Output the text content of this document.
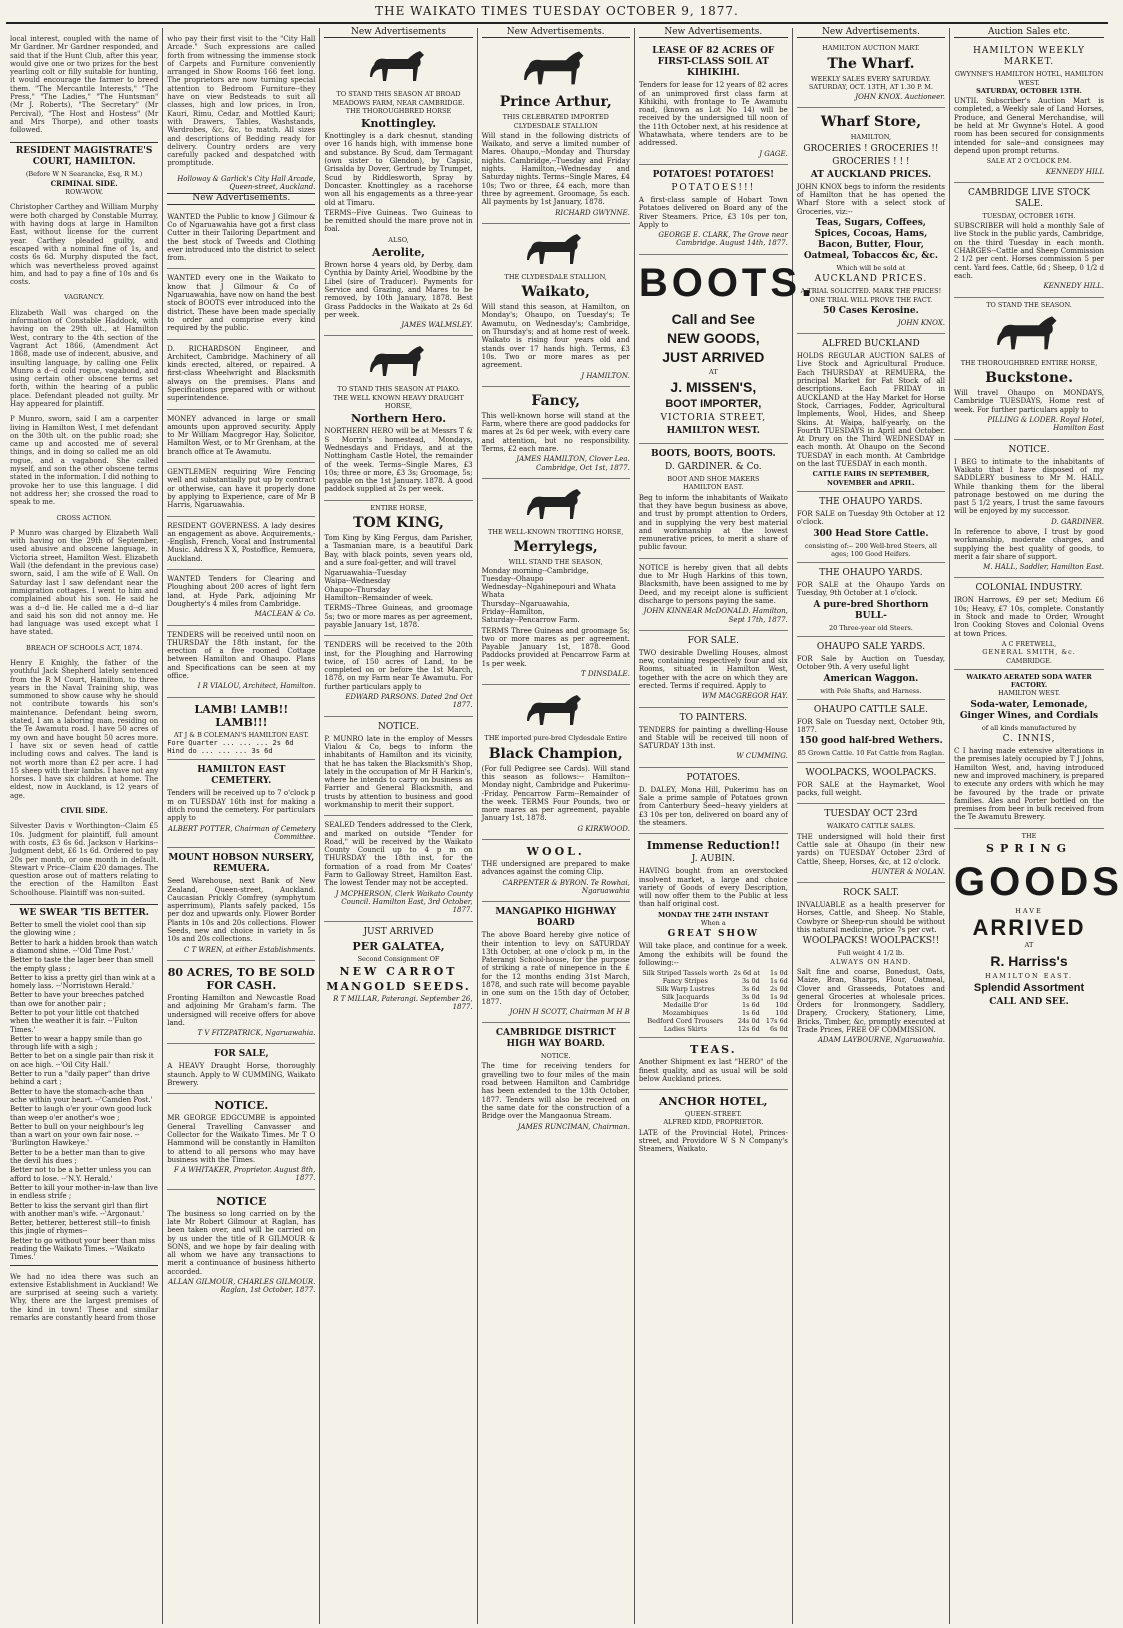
THE WAIKATO TIMES TUESDAY OCTOBER 9, 1877.

local interest, coupled with the name of Mr Gardner. Mr Gardner responded, and said that if the Hunt Club, after this year, would give one or two prizes for the best yearling colt or filly suitable for hunting, it would encourage the farmer to breed them. "The Mercantile Interests," "The Press," "The Ladies," "The Huntsman" (Mr J. Roberts), "The Secretary" (Mr Percival), "The Host and Hostess" (Mr and Mrs Thorpe), and other toasts followed.

RESIDENT MAGISTRATE'S COURT, HAMILTON.
(Before W N Searancke, Esq, R M.)
CRIMINAL SIDE.
ROW-WOW.

Christopher Carthey and William Murphy were both charged by Constable Murray, with having dogs at large in Hamilton East, without license for the current year. Carthey pleaded guilty, and escaped with a nominal fine of 1s, and costs 6s 6d. Murphy disputed the fact, which was nevertheless proved against him, and had to pay a fine of 10s and 6s costs.

VAGRANCY.

Elizabeth Wall was charged on the information of Constable Haddock, with having on the 29th ult., at Hamilton West, contrary to the 4th section of the Vagrant Act 1866, (Amendment Act 1868, made use of indecent, abusive, and insulting language, by calling one Felix Munro a d--d cold rogue, vagabond, and using certain other obscene terms set forth, within the hearing of a public place. Defendant pleaded not guilty. Mr Hay appeared for plaintiff.

P Munro, sworn, said I am a carpenter living in Hamilton West, I met defendant on the 30th ult. on the public road; she came up and accosted me of several things, and in doing so called me an old rogue, and a vagabond. She called myself, and son the other obscene terms stated in the information. I did nothing to provoke her to use this language. I did not address her; she crossed the road to speak to me.

CROSS ACTION.

P Munro was charged by Elizabeth Wall with having on the 29th of September, used abusive and obscene language, in Victoria street, Hamilton West. Elizabeth Wall (the defendant in the previous case) sworn, said, I am the wife of E Wall. On Saturday last I saw defendant near the immigration cottages. I went to him and complained about his son. He said he was a d--d lie. He called me a d--d liar and said his son did not annoy me. He had language was used except what I have stated.

BREACH OF SCHOOLS ACT, 1874.

Henry E Knighly, the father of the youthful Jack Shepherd lately sentenced from the R M Court, Hamilton, to three years in the Naval Training ship, was summoned to show cause why he should not contribute towards his son's maintenance. Defendant being sworn, stated, I am a laboring man, residing on the Te Awamutu road. I have 50 acres of my own and have bought 50 acres more. I have six or seven head of cattle including cows and calves. The land is not worth more than £2 per acre. I had 15 sheep with their lambs. I have not any horses. I have six children at home. The eldest, now in Auckland, is 12 years of age.

CIVIL SIDE.

Silvester Davis v Worthington--Claim £5 10s. Judgment for plaintiff, full amount with costs, £3 6s 6d. Jackson v Harkins--Judgment debt, £6 1s 6d. Ordered to pay 20s per month, or one month in default. Stewart v Price--Claim £20 damages. The question arose out of matters relating to the erection of the Hamilton East Schoolhouse. Plaintiff was non-suited.

WE SWEAR 'TIS BETTER.

Better to smell the violet cool than sip the glowing wine ;

Better to hark a hidden brook than watch a diamond shine. --'Old Time Post.'

Better to taste the lager beer than smell the empty glass ;

Better to kiss a pretty girl than wink at a homely lass. --'Norristown Herald.'

Better to have your breeches patched than owe for another pair ;

Better to pot your little cot thatched when the weather it is fair. --'Fulton Times.'

Better to wear a happy smile than go through life with a sigh ;

Better to bet on a single pair than risk it on ace high. --'Oil City Hall.'

Better to run a "daily paper" than drive behind a cart ;

Better to have the stomach-ache than ache within your heart. --'Camden Post.'

Better to laugh o'er your own good luck than weep o'er another's woe ;

Better to bull on your neighbour's leg than a wart on your own fair nose. --'Burlington Hawkeye.'

Better to be a better man than to give the devil his dues ;

Better not to be a better unless you can afford to lose. --'N.Y. Herald.'

Better to kill your mother-in-law than live in endless strife ;

Better to kiss the servant girl than flirt with another man's wife. --'Argonaut.'

Better, betterer, betterest still--to finish this jingle of rhymes--

Better to go without your beer than miss reading the Waikato Times. --'Waikato Times.'

We had no idea there was such an extensive Establishment in Auckland! We are surprised at seeing such a variety. Why, there are the largest premises of the kind in town! These and similar remarks are constantly heard from those

who pay their first visit to the "City Hall Arcade." Such expressions are called forth from witnessing the immense stock of Carpets and Furniture conveniently arranged in Show Rooms 166 feet long. The proprietors are now turning special attention to Bedroom Furniture--they have on view Bedsteads to suit all classes, high and low prices, in Iron, Kauri, Rimu, Cedar, and Mottled Kauri; with Drawers, Tables, Washstands, Wardrobes, &c, &c, to match. All sizes and descriptions of Bedding ready for delivery. Country orders are very carefully packed and despatched with promptitude.

Holloway & Garlick's City Hall Arcade, Queen-street, Auckland.
New Advertisements.

WANTED the Public to know J Gilmour & Co of Ngaruawahia have got a first class Cutter in their Tailoring Department and the best stock of Tweeds and Clothing ever introduced into the district to select from.

WANTED every one in the Waikato to know that J Gilmour & Co of Ngaruawahia, have now on hand the best stock of BOOTS ever introduced into the district. These have been made specially to order and comprise every kind required by the public.

D. RICHARDSON Engineer, and Architect, Cambridge. Machinery of all kinds erected, altered, or repaired. A first-class Wheelwright and Blacksmith always on the premises. Plans and Specifications prepared with or without superintendence.

MONEY advanced in large or small amounts upon approved security. Apply to Mr William Macgregor Hay, Solicitor, Hamilton West, or to Mr Grenham, at the branch office at Te Awamutu.

GENTLEMEN requiring Wire Fencing well and substantially put up by contract or otherwise, can have it properly done by applying to Experience, care of Mr B Harris, Ngaruawahia.

RESIDENT GOVERNESS. A lady desires an engagement as above. Acquirements,--English, French, Vocal and Instrumental Music. Address X X, Postoffice, Remuera, Auckland.

WANTED Tenders for Clearing and Ploughing about 200 acres of light fern land, at Hyde Park, adjoining Mr Dougherty's 4 miles from Cambridge.

MACLEAN & Co.

TENDERS will be received until noon on THURSDAY the 18th instant, for the erection of a five roomed Cottage between Hamilton and Ohaupo. Plans and Specifications can be seen at my office.

I R VIALOU, Architect, Hamilton.
LAMB! LAMB!! LAMB!!!
AT J & B COLEMAN'S HAMILTON EAST.
Fore Quarter ... ... ... 2s 6d
Hind do ... ... ... 3s 6d
HAMILTON EAST CEMETERY.

Tenders will be received up to 7 o'clock p m on TUESDAY 16th inst for making a ditch round the cemetery. For particulars apply to

ALBERT POTTER, Chairman of Cemetery Committee.
MOUNT HOBSON NURSERY, REMUERA.

Seed Warehouse, next Bank of New Zealand, Queen-street, Auckland. Caucasian Prickly Comfrey (symphytum asperrimum), Plants safely packed, 15s per doz and upwards only. Flower Border Plants in 10s and 20s collections. Flower Seeds, new and choice in variety in 5s 10s and 20s collections.

C T WREN, at either Establishments.
80 ACRES, TO BE SOLD FOR CASH.

Fronting Hamilton and Newcastle Road and adjoining Mr Graham's farm. The undersigned will receive offers for above land.

T V FITZPATRICK, Ngaruawahia.
FOR SALE,

A HEAVY Draught Horse, thoroughly staunch. Apply to W CUMMING, Waikato Brewery.

NOTICE.

MR GEORGE EDGCUMBE is appointed General Travelling Canvasser and Collector for the Waikato Times. Mr T O Hammond will be constantly in Hamilton to attend to all persons who may have business with the Times.

F A WHITAKER, Proprietor. August 8th, 1877.
NOTICE

The business so long carried on by the late Mr Robert Gilmour at Raglan, has been taken over, and will be carried on by us under the title of R GILMOUR & SONS, and we hope by fair dealing with all whom we have any transactions to merit a continuance of business hitherto accorded.

ALLAN GILMOUR, CHARLES GILMOUR. Raglan, 1st October, 1877.
New Advertisements
TO STAND THIS SEASON AT BROAD MEADOWS FARM, NEAR CAMBRIDGE.
THE THOROUGHBRED HORSE
Knottingley.

Knottingley is a dark chesnut, standing over 16 hands high, with immense bone and substance. By Scud, dam Termagant (own sister to Glendon), by Capsic, Grisalda by Dover, Gertrude by Trumpet, Scud by Riddlesworth, Spray by Doncaster. Knottingley as a racehorse won all his engagements as a three-year old at Timaru.

TERMS--Five Guineas. Two Guineas to be remitted should the mare prove not in foal.

ALSO,
Aerolite,

Brown horse 4 years old, by Derby, dam Cynthia by Dainty Ariel, Woodbine by the Libel (sire of Traducer). Payments for Service and Grazing, and Mares to be removed, by 10th January, 1878. Best Grass Paddocks in the Waikato at 2s 6d per week.

JAMES WALMSLEY.
TO STAND THIS SEASON AT PIAKO.
THE WELL KNOWN HEAVY DRAUGHT HORSE,
Northern Hero.

NORTHERN HERO will be at Messrs T & S Morrin's homestead, Mondays, Wednesdays and Fridays, and at the Nottingham Castle Hotel, the remainder of the week. Terms--Single Mares, £3 10s; three or more, £3 3s; Groomage, 5s; payable on the 1st January. 1878. A good paddock supplied at 2s per week.

ENTIRE HORSE,
TOM KING,

Tom King by King Fergus, dam Parisher, a Tasmanian mare, is a beautiful Dark Bay, with black points, seven years old, and a sure foal-getter, and will travel

Ngaruawahia--Tuesday
Waipa--Wednesday
Ohaupo--Thursday
Hamilton--Remainder of week.

TERMS--Three Guineas, and groomage 5s; two or more mares as per agreement, payable January 1st, 1878.

TENDERS will be received to the 20th inst, for the Ploughing and Harrowing twice, of 150 acres of Land, to be completed on or before the 1st March, 1878, on my Farm near Te Awamutu. For further particulars apply to

EDWARD PARSONS. Dated 2nd Oct 1877.
NOTICE.

P. MUNRO late in the employ of Messrs Vialou & Co, begs to inform the inhabitants of Hamilton and its vicinity, that he has taken the Blacksmith's Shop, lately in the occupation of Mr H Harkin's, where he intends to carry on business as Farrier and General Blacksmith, and trusts by attention to business and good workmanship to merit their support.

SEALED Tenders addressed to the Clerk, and marked on outside "Tender for Road," will be received by the Waikato County Council up to 4 p m on THURSDAY the 18th inst, for the formation of a road from Mr Coates' Farm to Galloway Street, Hamilton East. The lowest Tender may not be accepted.

J MCPHERSON, Clerk Waikato County Council. Hamilton East, 3rd October, 1877.
JUST ARRIVED
PER GALATEA,
Second Consignment OF
NEW CARROT
MANGOLD SEEDS.
R T MILLAR, Paterangi. September 26, 1877.
New Advertisements.
Prince Arthur,
THIS CELEBRATED IMPORTED CLYDESDALE STALLION

Will stand in the following districts of Waikato, and serve a limited number of Mares. Ohaupo,--Monday and Thursday nights. Cambridge,--Tuesday and Friday nights. Hamilton,--Wednesday and Saturday nights. Terms--Single Mares, £4 10s; Two or three, £4 each, more than three by agreement. Groomage, 5s each. All payments by 1st January, 1878.

RICHARD GWYNNE.
THE CLYDESDALE STALLION,
Waikato,

Will stand this season, at Hamilton, on Monday's; Ohaupo, on Tuesday's; Te Awamutu, on Wednesday's; Cambridge, on Thursday's; and at home rest of week. Waikato is rising four years old and stands over 17 hands high. Terms, £3 10s. Two or more mares as per agreement.

J HAMILTON.
Fancy,

This well-known horse will stand at the Farm, where there are good paddocks for mares at 2s 6d per week, with every care and attention, but no responsibility. Terms, £2 each mare.

JAMES HAMILTON, Clover Lea. Cambridge, Oct 1st, 1877.
THE WELL-KNOWN TROTTING HORSE,
Merrylegs,
WILL STAND THE SEASON,
Monday morning--Cambridge,
Tuesday--Ohaupo
Wednesday--Ngahinepouri and Whata Whata
Thursday--Ngaruawahia,
Friday--Hamilton,
Saturday--Pencarrow Farm.

TERMS Three Guineas and groomage 5s; two or more mares as per agreement. Payable January 1st, 1878. Good Paddocks provided at Pencarrow Farm at 1s per week.

T DINSDALE.
THE imported pure-bred Clydesdale Entire
Black Champion,

(For full Pedigree see Cards). Will stand this season as follows:-- Hamilton--Monday night, Cambridge and Pukerimu--Friday, Pencarrow Farm--Remainder of the week. TERMS Four Pounds, two or more mares as per agreement, payable January 1st, 1878.

G KIRKWOOD.
WOOL.

THE undersigned are prepared to make advances against the coming Clip.

CARPENTER & BYRON. Te Rowhai, Ngaruawahia
MANGAPIKO HIGHWAY BOARD

The above Board hereby give notice of their intention to levy on SATURDAY 13th October, at one o'clock p m, in the Paterangi School-house, for the purpose of striking a rate of ninepence in the £ for the 12 months ending 31st March, 1878, and such rate will become payable in one sum on the 15th day of October, 1877.

JOHN H SCOTT, Chairman M H B
CAMBRIDGE DISTRICT HIGH WAY BOARD.
NOTICE.

The time for receiving tenders for gravelling two to four miles of the main road between Hamilton and Cambridge has been extended to the 13th October, 1877. Tenders will also be received on the same date for the construction of a Bridge over the Mangaonua Stream.

JAMES RUNCIMAN, Chairman.
New Advertisements.
LEASE OF 82 ACRES OF FIRST-CLASS SOIL AT KIHIKIHI.

Tenders for lease for 12 years of 82 acres of an unimproved first class farm at Kihikihi, with frontage to Te Awamutu road, (known as Lot No 14) will be received by the undersigned till noon of the 11th October next, at his residence at Whatawhata, where tenders are to be addressed.

J GAGE.
POTATOES! POTATOES!
POTATOES!!!

A first-class sample of Hobart Town Potatoes delivered on Board any of the River Steamers. Price, £3 10s per ton, Apply to

GEORGE E. CLARK, The Grove near Cambridge. August 14th, 1877.
BOOTS.
Call and See
NEW GOODS,
JUST ARRIVED
AT
J. MISSEN'S,
BOOT IMPORTER,
VICTORIA STREET,
HAMILTON WEST.
BOOTS, BOOTS, BOOTS.
D. GARDINER. & Co.
BOOT AND SHOE MAKERS
HAMILTON EAST.

Beg to inform the inhabitants of Waikato that they have begun business as above, and trust by prompt attention to Orders, and in supplying the very best material and workmanship at the lowest remunerative prices, to merit a share of public favour.

NOTICE is hereby given that all debts due to Mr Hugh Harkins of this town, Blacksmith, have been assigned to me by Deed, and my receipt alone is sufficient discharge to persons paying the same.

JOHN KINNEAR McDONALD. Hamilton, Sept 17th, 1877.
FOR SALE.

TWO desirable Dwelling Houses, almost new, containing respectively four and six Rooms, situated in Hamilton West, together with the acre on which they are erected. Terms if required. Apply to

WM MACGREGOR HAY.
TO PAINTERS.

TENDERS for painting a dwelling-House and Stable will be received till noon of SATURDAY 13th inst.

W CUMMING.
POTATOES.

D. DALEY, Mona Hill, Pukerimu has on Sale a prime sample of Potatoes grown from Canterbury Seed--heavy yielders at £3 10s per ton, delivered on board any of the steamers.

Immense Reduction!!
J. AUBIN.

HAVING bought from an overstocked insolvent market, a large and choice variety of Goods of every Description, will now offer them to the Public at less than half original cost.

MONDAY THE 24TH INSTANT
When a
GREAT SHOW

Will take place, and continue for a week. Among the exhibits will be found the following:--

Silk Striped Tassels worth 2s 6d at	1s 0d
Fancy Stripes	3s 0d	1s 6d
Silk Warp Lustres	3s 6d	2s 0d
Silk Jacquards	3s 0d	1s 9d
Medaille D'or	1s 6d	10d
Mozambiques	1s 6d	10d
Bedford Cord Trousers	24s 0d 17s 6d
Ladies Skirts	12s 6d	6s 0d
TEAS.

Another Shipment ex last "HERO" of the finest quality, and as usual will be sold below Auckland prices.

ANCHOR HOTEL,
QUEEN-STREET.
ALFRED KIDD, PROPRIETOR.

LATE of the Provincial Hotel, Princes-street, and Providore W S N Company's Steamers, Waikato.

New Advertisements.
HAMILTON AUCTION MART.
The Wharf.
WEEKLY SALES EVERY SATURDAY.
SATURDAY, OCT. 13TH, AT 1.30 P. M.
JOHN KNOX. Auctioneer.
Wharf Store,
HAMILTON,
GROCERIES ! GROCERIES !!
GROCERIES ! ! !
AT AUCKLAND PRICES.

JOHN KNOX begs to inform the residents of Hamilton that he has opened the Wharf Store with a select stock of Groceries, viz:--

Teas, Sugars, Coffees, Spices, Cocoas, Hams, Bacon, Butter, Flour, Oatmeal, Tobaccos &c, &c.
Which will be sold at
AUCKLAND PRICES.
A TRIAL SOLICITED. MARK THE PRICES! ONE TRIAL WILL PROVE THE FACT.
50 Cases Kerosine.
JOHN KNOX.
ALFRED BUCKLAND

HOLDS REGULAR AUCTION SALES of Live Stock and Agricultural Produce. Each THURSDAY at REMUERA, the principal Market for Fat Stock of all descriptions. Each FRIDAY in AUCKLAND at the Hay Market for Horse Stock, Carriages, Fodder, Agricultural Implements, Wool, Hides, and Sheep Skins. At Waipa, half-yearly, on the Fourth TUESDAYS in April and October. At Drury on the Third WEDNESDAY in each month. At Ohaupo on the Second TUESDAY in each month. At Cambridge on the last TUESDAY in each month.

CATTLE FAIRS IN SEPTEMBER, NOVEMBER and APRIL.
THE OHAUPO YARDS.

FOR SALE on Tuesday 9th October at 12 o'clock.

300 Head Store Cattle.
consisting of:-- 200 Well-bred Steers, all ages; 100 Good Heifers.
THE OHAUPO YARDS.

FOR SALE at the Ohaupo Yards on Tuesday, 9th October at 1 o'clock.

A pure-bred Shorthorn BULL-
20 Three-year old Steers.
OHAUPO SALE YARDS.

FOR Sale by Auction on Tuesday, October 9th. A very useful light

American Waggon.
with Pole Shafts, and Harness.
OHAUPO CATTLE SALE.

FOR Sale on Tuesday next, October 9th, 1877.

150 good half-bred Wethers.
85 Grown Cattle. 10 Fat Cattle from Raglan.
WOOLPACKS, WOOLPACKS.

FOR SALE at the Haymarket, Wool packs, full weight.

TUESDAY OCT 23rd
WAIKATO CATTLE SALES.

THE undersigned will hold their first Cattle sale at Ohaupo (in their new yards) on TUESDAY October 23rd of Cattle, Sheep, Horses, &c, at 12 o'clock.

HUNTER & NOLAN.
ROCK SALT.

INVALUABLE as a health preserver for Horses, Cattle, and Sheep. No Stable, Cowbyre or Sheep-run should be without this natural medicine, price 7s per cwt.

WOOLPACKS! WOOLPACKS!!
Full weight 4 1/2 lb.
ALWAYS ON HAND.

Salt fine and coarse, Bonedust, Oats, Maize, Bran, Sharps, Flour, Oatmeal, Clover and Grasseeds, Potatoes and general Groceries at wholesale prices. Orders for Ironmongery, Saddlery, Drapery, Crockery, Stationery, Lime, Bricks, Timber, &c, promptly executed at Trade Prices, FREE OF COMMISSION.

ADAM LAYBOURNE, Ngaruawahia.
Auction Sales etc.
HAMILTON WEEKLY MARKET.
GWYNNE'S HAMILTON HOTEL, HAMILTON WEST.
SATURDAY, OCTOBER 13TH.

UNTIL Subscriber's Auction Mart is completed, a Weekly sale of Land Horses, Produce, and General Merchandise, will be held at Mr Gwynne's Hotel. A good room has been secured for consignments intended for sale--and consignees may depend upon prompt returns.

SALE AT 2 O'CLOCK P.M.
KENNEDY HILL
CAMBRIDGE LIVE STOCK SALE.
TUESDAY, OCTOBER 16TH.

SUBSCRIBER will hold a monthly Sale of live Stock in the public yards, Cambridge, on the third Tuesday in each month. CHARGES--Cattle and Sheep Commission 2 1/2 per cent. Horses commission 5 per cent. Yard fees. Cattle, 6d ; Sheep, 0 1/2 d each.

KENNEDY HILL.
TO STAND THE SEASON.
THE THOROUGHBRED ENTIRE HORSE,
Buckstone.

Will travel Ohaupo on MONDAYS, Cambridge TUESDAYS, Home rest of week. For further particulars apply to

PILLING & LODER. Royal Hotel, Hamilton East
NOTICE.

I BEG to intimate to the inhabitants of Waikato that I have disposed of my SADDLERY business to Mr M. HALL. While thanking them for the liberal patronage bestowed on me during the past 5 1/2 years, I trust the same favours will be enjoyed by my successor.

D. GARDINER.

In reference to above, I trust by good workmanship, moderate charges, and supplying the best quality of goods, to merit a fair share of support.

M. HALL, Saddler, Hamilton East.
COLONIAL INDUSTRY.

IRON Harrows, £9 per set; Medium £6 10s; Heavy, £7 10s, complete. Constantly in Stock and made to Order, Wrought Iron Cooking Stoves and Colonial Ovens at town Prices.

A C FRETWELL,
GENERAL SMITH, &c.
CAMBRIDGE.
WAIKATO AERATED SODA WATER FACTORY.
HAMILTON WEST.
Soda-water, Lemonade, Ginger Wines, and Cordials
of all kinds manufactured by
C. INNIS,

C I having made extensive alterations in the premises lately occupied by T J Johns, Hamilton West, and, having introduced new and improved machinery, is prepared to execute any orders with which he may be favoured by the trade or private families. Ales and Porter bottled on the premises from beer in bulk received from the Te Awamutu Brewery.

THE
SPRING
GOODS
HAVE
ARRIVED
AT
R. Harriss's
HAMILTON EAST.
Splendid Assortment
CALL AND SEE.
